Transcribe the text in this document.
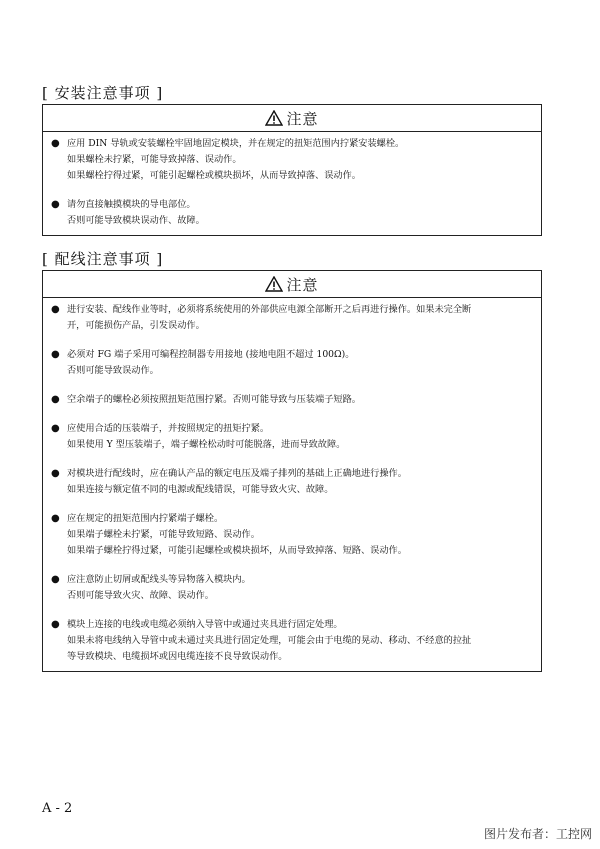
[ 安装注意事项 ]
注意
● 应用 DIN 导轨或安装螺栓牢固地固定模块，并在规定的扭矩范围内拧紧安装螺栓。
如果螺栓未拧紧，可能导致掉落、误动作。
如果螺栓拧得过紧，可能引起螺栓或模块损坏，从而导致掉落、误动作。
● 请勿直接触摸模块的导电部位。
否则可能导致模块误动作、故障。
[ 配线注意事项 ]
注意
● 进行安装、配线作业等时，必须将系统使用的外部供应电源全部断开之后再进行操作。如果未完全断
开，可能损伤产品，引发误动作。
● 必须对 FG 端子采用可编程控制器专用接地 (接地电阻不超过 100Ω)。
否则可能导致误动作。
● 空余端子的螺栓必须按照扭矩范围拧紧。否则可能导致与压装端子短路。
● 应使用合适的压装端子，并按照规定的扭矩拧紧。
如果使用 Y 型压装端子，端子螺栓松动时可能脱落，进而导致故障。
● 对模块进行配线时，应在确认产品的额定电压及端子排列的基础上正确地进行操作。
如果连接与额定值不同的电源或配线错误，可能导致火灾、故障。
● 应在规定的扭矩范围内拧紧端子螺栓。
如果端子螺栓未拧紧，可能导致短路、误动作。
如果端子螺栓拧得过紧，可能引起螺栓或模块损坏，从而导致掉落、短路、误动作。
● 应注意防止切屑或配线头等异物落入模块内。
否则可能导致火灾、故障、误动作。
● 模块上连接的电线或电缆必须纳入导管中或通过夹具进行固定处理。
如果未将电线纳入导管中或未通过夹具进行固定处理，可能会由于电缆的晃动、移动、不经意的拉扯
等导致模块、电缆损坏或因电缆连接不良导致误动作。
A - 2
图片发布者：工控网
